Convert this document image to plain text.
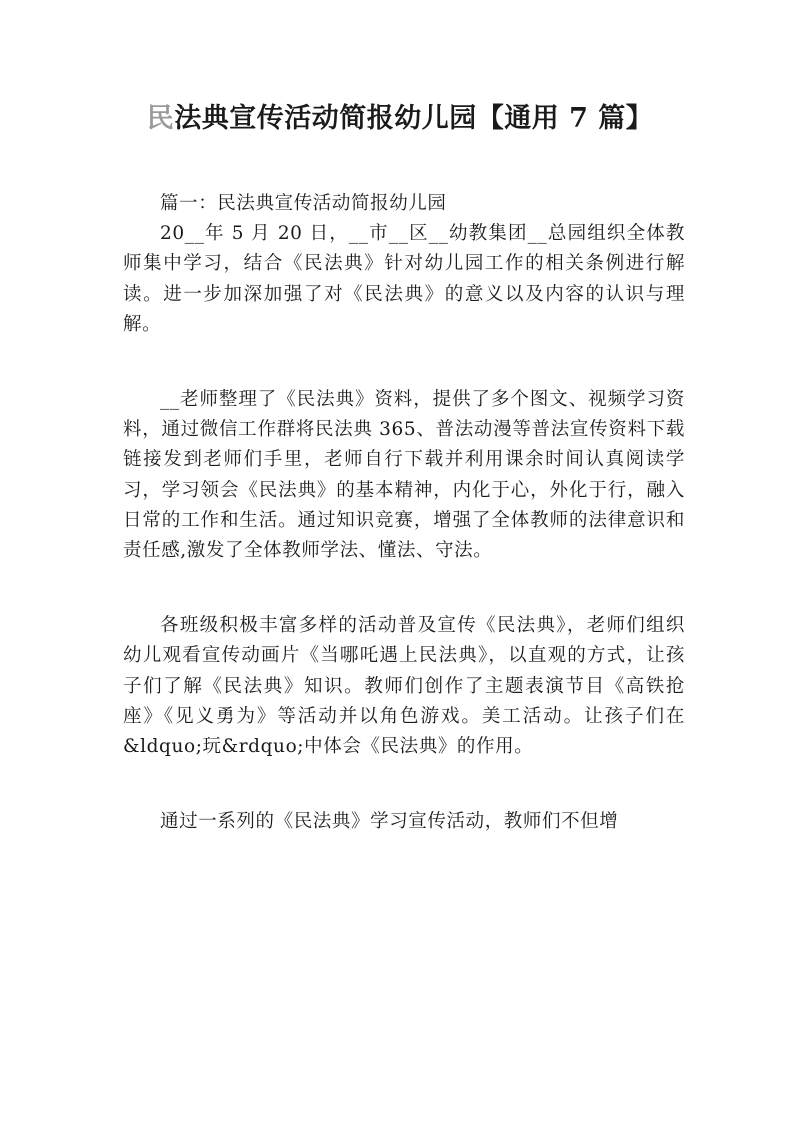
民法典宣传活动简报幼儿园【通用 7 篇】

篇一：民法典宣传活动简报幼儿园

20__年 5 月 20 日，__市__区__幼教集团__总园组织全体教师集中学习，结合《民法典》针对幼儿园工作的相关条例进行解读。进一步加深加强了对《民法典》的意义以及内容的认识与理解。

__老师整理了《民法典》资料，提供了多个图文、视频学习资料，通过微信工作群将民法典 365、普法动漫等普法宣传资料下载链接发到老师们手里，老师自行下载并利用课余时间认真阅读学习，学习领会《民法典》的基本精神，内化于心，外化于行，融入日常的工作和生活。通过知识竞赛，增强了全体教师的法律意识和责任感,激发了全体教师学法、懂法、守法。

各班级积极丰富多样的活动普及宣传《民法典》，老师们组织幼儿观看宣传动画片《当哪吒遇上民法典》，以直观的方式，让孩子们了解《民法典》知识。教师们创作了主题表演节目《高铁抢座》《见义勇为》等活动并以角色游戏。美工活动。让孩子们在&ldquo;玩&rdquo;中体会《民法典》的作用。

通过一系列的《民法典》学习宣传活动，教师们不但增
